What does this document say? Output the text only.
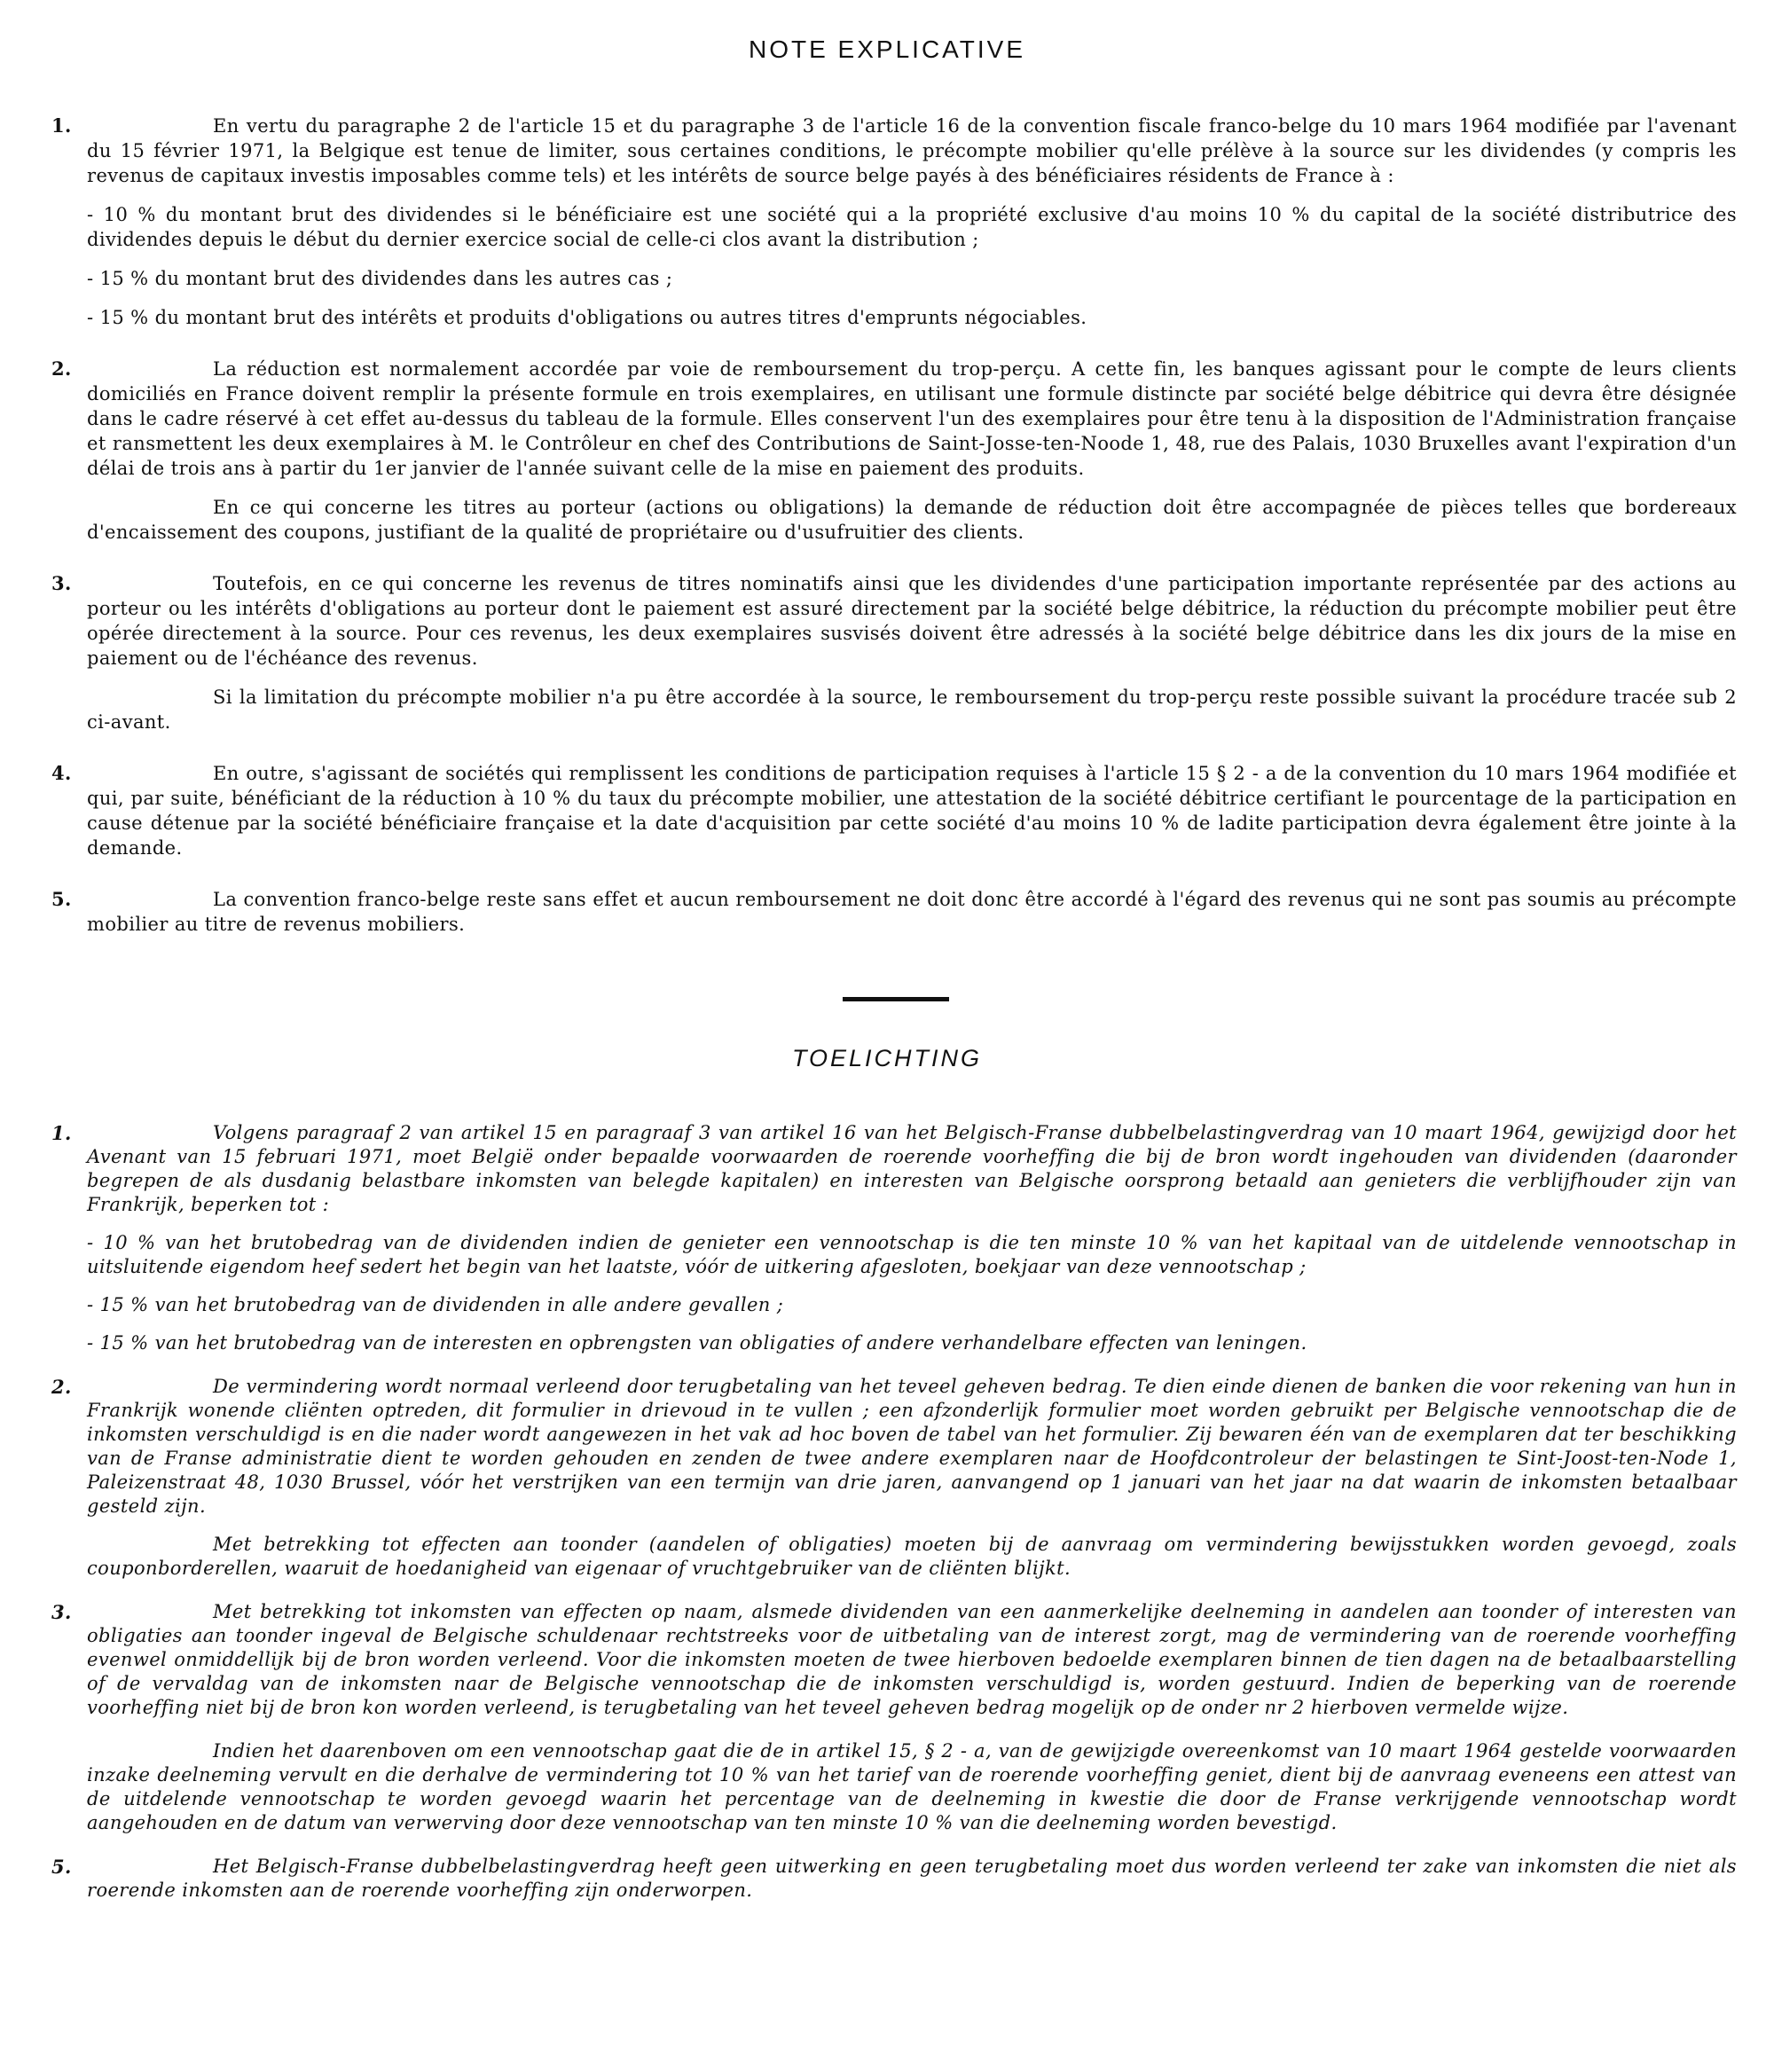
NOTE EXPLICATIVE
1.	En vertu du paragraphe 2 de l'article 15 et du paragraphe 3 de l'article 16 de la convention fiscale franco-belge du 10 mars 1964 modifiée par l'avenant du 15 février 1971, la Belgique est tenue de limiter, sous certaines conditions, le précompte mobilier qu'elle prélève à la source sur les dividendes (y compris les revenus de capitaux investis imposables comme tels) et les intérêts de source belge payés à des bénéficiaires résidents de France à :

- 10 % du montant brut des dividendes si le bénéficiaire est une société qui a la propriété exclusive d'au moins 10 % du capital de la société distributrice des dividendes depuis le début du dernier exercice social de celle-ci clos avant la distribution ;

- 15 % du montant brut des dividendes dans les autres cas ;

- 15 % du montant brut des intérêts et produits d'obligations ou autres titres d'emprunts négociables.

2.	La réduction est normalement accordée par voie de remboursement du trop-perçu. A cette fin, les banques agissant pour le compte de leurs clients domiciliés en France doivent remplir la présente formule en trois exemplaires, en utilisant une formule distincte par société belge débitrice qui devra être désignée dans le cadre réservé à cet effet au-dessus du tableau de la formule. Elles conservent l'un des exemplaires pour être tenu à la disposition de l'Administration française et ransmettent les deux exemplaires à M. le Contrôleur en chef des Contributions de Saint-Josse-ten-Noode 1, 48, rue des Palais, 1030 Bruxelles avant l'expiration d'un délai de trois ans à partir du 1er janvier de l'année suivant celle de la mise en paiement des produits.

En ce qui concerne les titres au porteur (actions ou obligations) la demande de réduction doit être accompagnée de pièces telles que bordereaux d'encaissement des coupons, justifiant de la qualité de propriétaire ou d'usufruitier des clients.

3.	Toutefois, en ce qui concerne les revenus de titres nominatifs ainsi que les dividendes d'une participation importante représentée par des actions au porteur ou les intérêts d'obligations au porteur dont le paiement est assuré directement par la société belge débitrice, la réduction du précompte mobilier peut être opérée directement à la source. Pour ces revenus, les deux exemplaires susvisés doivent être adressés à la société belge débitrice dans les dix jours de la mise en paiement ou de l'échéance des revenus.

Si la limitation du précompte mobilier n'a pu être accordée à la source, le remboursement du trop-perçu reste possible suivant la procédure tracée sub 2 ci-avant.

4.	En outre, s'agissant de sociétés qui remplissent les conditions de participation requises à l'article 15 § 2 - a de la convention du 10 mars 1964 modifiée et qui, par suite, bénéficiant de la réduction à 10 % du taux du précompte mobilier, une attestation de la société débitrice certifiant le pourcentage de la participation en cause détenue par la société bénéficiaire française et la date d'acquisition par cette société d'au moins 10 % de ladite participation devra également être jointe à la demande.

5.	La convention franco-belge reste sans effet et aucun remboursement ne doit donc être accordé à l'égard des revenus qui ne sont pas soumis au précompte mobilier au titre de revenus mobiliers.

TOELICHTING
1.	Volgens paragraaf 2 van artikel 15 en paragraaf 3 van artikel 16 van het Belgisch-Franse dubbelbelastingverdrag van 10 maart 1964, gewijzigd door het Avenant van 15 februari 1971, moet België onder bepaalde voorwaarden de roerende voorheffing die bij de bron wordt ingehouden van dividenden (daaronder begrepen de als dusdanig belastbare inkomsten van belegde kapitalen) en interesten van Belgische oorsprong betaald aan genieters die verblijfhouder zijn van Frankrijk, beperken tot :

- 10 % van het brutobedrag van de dividenden indien de genieter een vennootschap is die ten minste 10 % van het kapitaal van de uitdelende vennootschap in uitsluitende eigendom heef sedert het begin van het laatste, vóór de uitkering afgesloten, boekjaar van deze vennootschap ;

- 15 % van het brutobedrag van de dividenden in alle andere gevallen ;

- 15 % van het brutobedrag van de interesten en opbrengsten van obligaties of andere verhandelbare effecten van leningen.

2.	De vermindering wordt normaal verleend door terugbetaling van het teveel geheven bedrag. Te dien einde dienen de banken die voor rekening van hun in Frankrijk wonende cliënten optreden, dit formulier in drievoud in te vullen ; een afzonderlijk formulier moet worden gebruikt per Belgische vennootschap die de inkomsten verschuldigd is en die nader wordt aangewezen in het vak ad hoc boven de tabel van het formulier. Zij bewaren één van de exemplaren dat ter beschikking van de Franse administratie dient te worden gehouden en zenden de twee andere exemplaren naar de Hoofdcontroleur der belastingen te Sint-Joost-ten-Node 1, Paleizenstraat 48, 1030 Brussel, vóór het verstrijken van een termijn van drie jaren, aanvangend op 1 januari van het jaar na dat waarin de inkomsten betaalbaar gesteld zijn.

Met betrekking tot effecten aan toonder (aandelen of obligaties) moeten bij de aanvraag om vermindering bewijsstukken worden gevoegd, zoals couponborderellen, waaruit de hoedanigheid van eigenaar of vruchtgebruiker van de cliënten blijkt.

3.	Met betrekking tot inkomsten van effecten op naam, alsmede dividenden van een aanmerkelijke deelneming in aandelen aan toonder of interesten van obligaties aan toonder ingeval de Belgische schuldenaar rechtstreeks voor de uitbetaling van de interest zorgt, mag de vermindering van de roerende voorheffing evenwel onmiddellijk bij de bron worden verleend. Voor die inkomsten moeten de twee hierboven bedoelde exemplaren binnen de tien dagen na de betaalbaarstelling of de vervaldag van de inkomsten naar de Belgische vennootschap die de inkomsten verschuldigd is, worden gestuurd. Indien de beperking van de roerende voorheffing niet bij de bron kon worden verleend, is terugbetaling van het teveel geheven bedrag mogelijk op de onder nr 2 hierboven vermelde wijze.

Indien het daarenboven om een vennootschap gaat die de in artikel 15, § 2 - a, van de gewijzigde overeenkomst van 10 maart 1964 gestelde voorwaarden inzake deelneming vervult en die derhalve de vermindering tot 10 % van het tarief van de roerende voorheffing geniet, dient bij de aanvraag eveneens een attest van de uitdelende vennootschap te worden gevoegd waarin het percentage van de deelneming in kwestie die door de Franse verkrijgende vennootschap wordt aangehouden en de datum van verwerving door deze vennootschap van ten minste 10 % van die deelneming worden bevestigd.

5.	Het Belgisch-Franse dubbelbelastingverdrag heeft geen uitwerking en geen terugbetaling moet dus worden verleend ter zake van inkomsten die niet als roerende inkomsten aan de roerende voorheffing zijn onderworpen.
